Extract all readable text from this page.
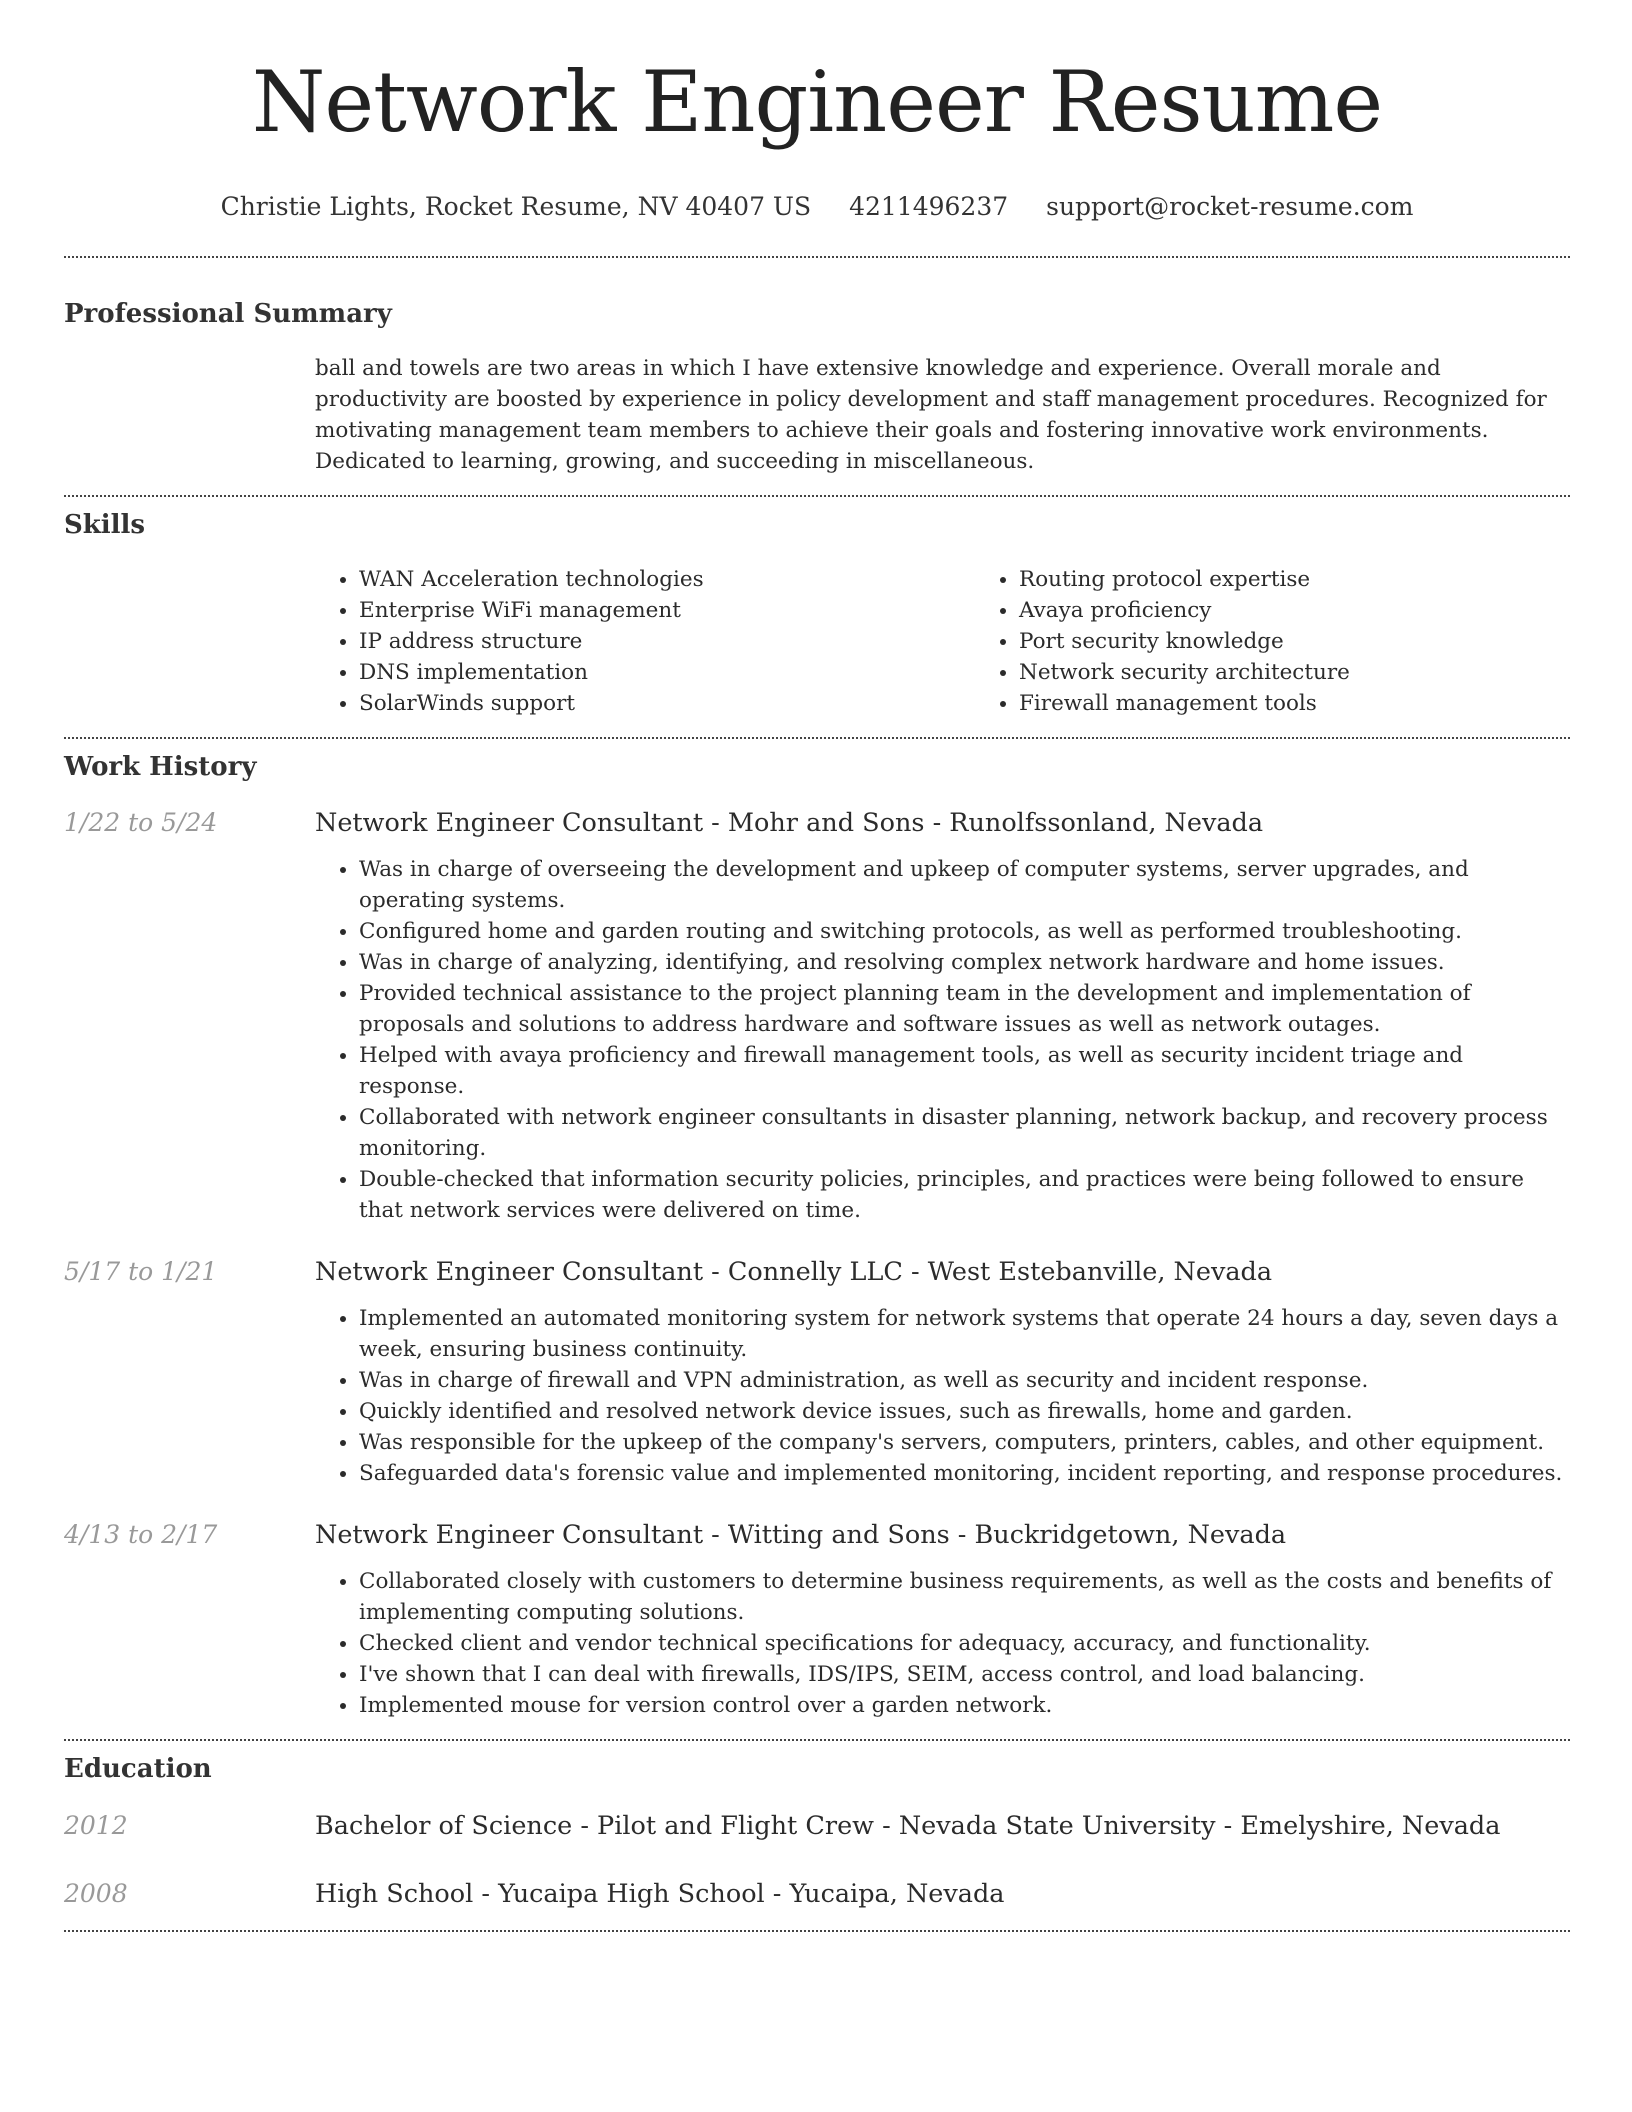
Network Engineer Resume
Christie Lights, Rocket Resume, NV 40407 US 4211496237 support@rocket-resume.com
Professional Summary

ball and towels are two areas in which I have extensive knowledge and experience. Overall morale and productivity are boosted by experience in policy development and staff management procedures. Recognized for motivating management team members to achieve their goals and fostering innovative work environments. Dedicated to learning, growing, and succeeding in miscellaneous.

Skills
• WAN Acceleration technologies
• Enterprise WiFi management
• IP address structure
• DNS implementation
• SolarWinds support
• Routing protocol expertise
• Avaya proficiency
• Port security knowledge
• Network security architecture
• Firewall management tools
Work History
1/22 to 5/24	Network Engineer Consultant - Mohr and Sons - Runolfssonland, Nevada
• Was in charge of overseeing the development and upkeep of computer systems, server upgrades, and operating systems.
• Configured home and garden routing and switching protocols, as well as performed troubleshooting.
• Was in charge of analyzing, identifying, and resolving complex network hardware and home issues.
• Provided technical assistance to the project planning team in the development and implementation of proposals and solutions to address hardware and software issues as well as network outages.
• Helped with avaya proficiency and firewall management tools, as well as security incident triage and response.
• Collaborated with network engineer consultants in disaster planning, network backup, and recovery process monitoring.
• Double-checked that information security policies, principles, and practices were being followed to ensure that network services were delivered on time.
5/17 to 1/21	Network Engineer Consultant - Connelly LLC - West Estebanville, Nevada
• Implemented an automated monitoring system for network systems that operate 24 hours a day, seven days a week, ensuring business continuity.
• Was in charge of firewall and VPN administration, as well as security and incident response.
• Quickly identified and resolved network device issues, such as firewalls, home and garden.
• Was responsible for the upkeep of the company's servers, computers, printers, cables, and other equipment.
• Safeguarded data's forensic value and implemented monitoring, incident reporting, and response procedures.
4/13 to 2/17	Network Engineer Consultant - Witting and Sons - Buckridgetown, Nevada
• Collaborated closely with customers to determine business requirements, as well as the costs and benefits of implementing computing solutions.
• Checked client and vendor technical specifications for adequacy, accuracy, and functionality.
• I've shown that I can deal with firewalls, IDS/IPS, SEIM, access control, and load balancing.
• Implemented mouse for version control over a garden network.
Education
2012	Bachelor of Science - Pilot and Flight Crew - Nevada State University - Emelyshire, Nevada
2008	High School - Yucaipa High School - Yucaipa, Nevada
